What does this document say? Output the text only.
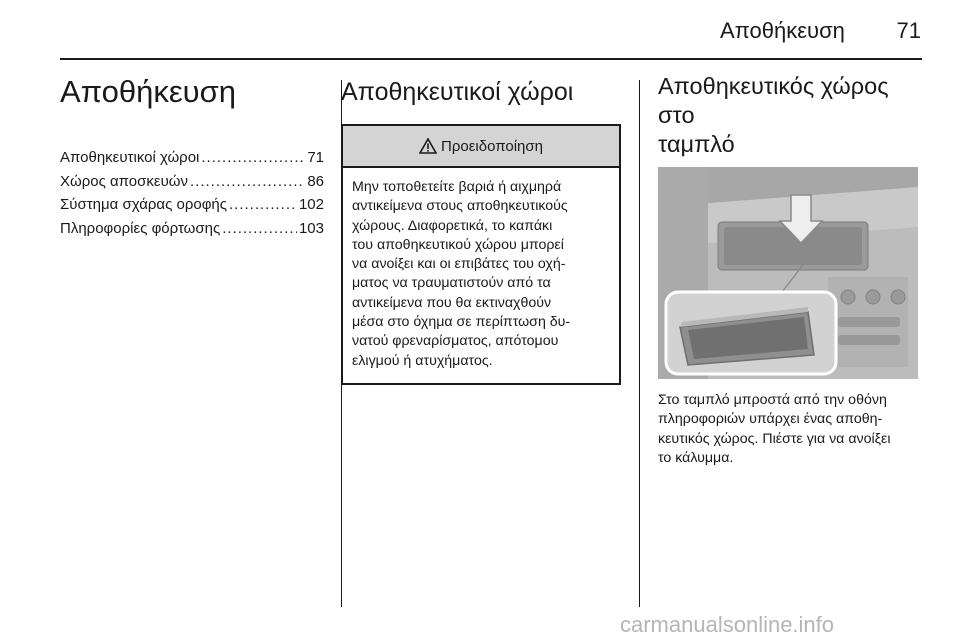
Αποθήκευση	71
Αποθήκευση
Αποθηκευτικοί χώροι .....	71
Χώρος αποσκευών .....	86
Σύστημα σχάρας οροφής .....	102
Πληροφορίες φόρτωσης .....	103
Αποθηκευτικοί χώροι
Προειδοποίηση
Μην τοποθετείτε βαριά ή αιχμηρά
αντικείμενα στους αποθηκευτικούς
χώρους. Διαφορετικά, το καπάκι
του αποθηκευτικού χώρου μπορεί
να ανοίξει και οι επιβάτες του οχή-
ματος να τραυματιστούν από τα
αντικείμενα που θα εκτιναχθούν
μέσα στο όχημα σε περίπτωση δυ-
νατού φρεναρίσματος, απότομου
ελιγμού ή ατυχήματος.
Αποθηκευτικός χώρος στο
ταμπλό
Στο ταμπλό μπροστά από την οθόνη
πληροφοριών υπάρχει ένας αποθη-
κευτικός χώρος. Πιέστε για να ανοίξει
το κάλυμμα.
carmanualsonline.info
